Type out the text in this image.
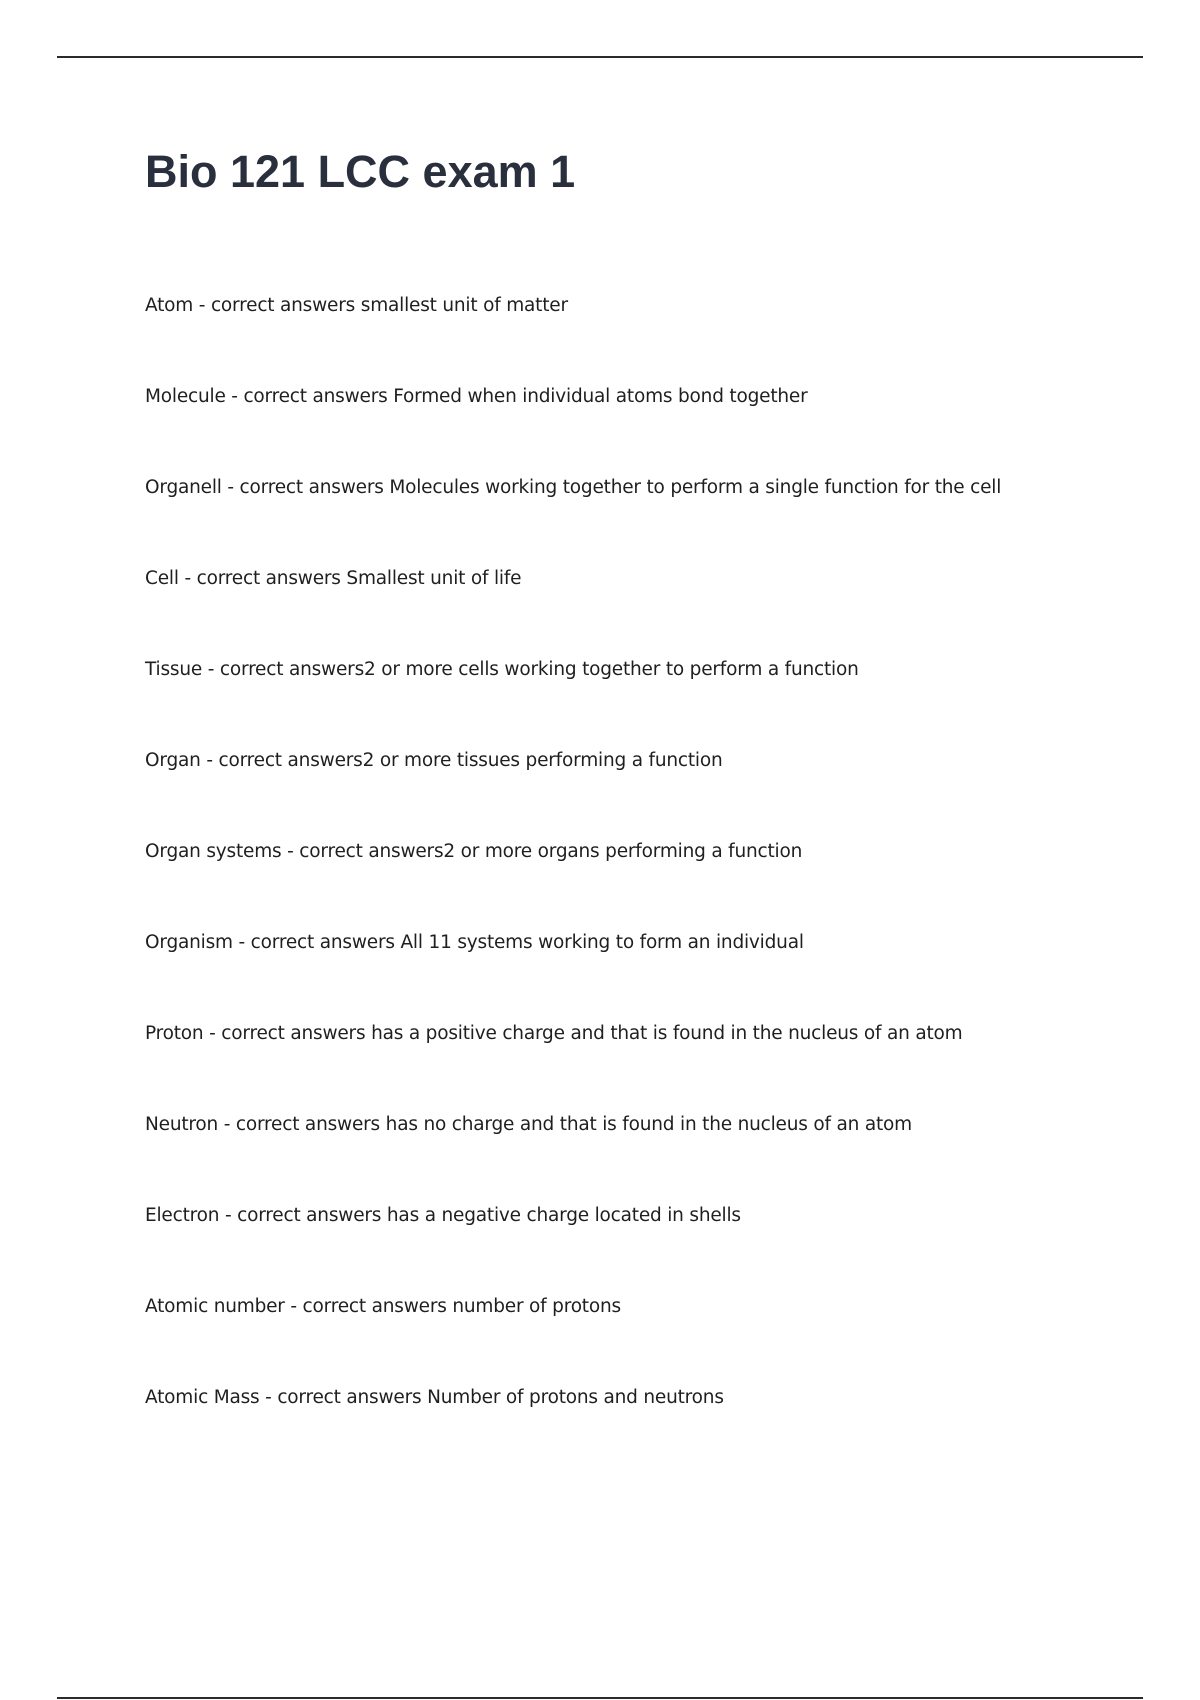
Bio 121 LCC exam 1
Atom - correct answers smallest unit of matter
Molecule - correct answers Formed when individual atoms bond together
Organell - correct answers Molecules working together to perform a single function for the cell
Cell - correct answers Smallest unit of life
Tissue - correct answers2 or more cells working together to perform a function
Organ - correct answers2 or more tissues performing a function
Organ systems - correct answers2 or more organs performing a function
Organism - correct answers All 11 systems working to form an individual
Proton - correct answers has a positive charge and that is found in the nucleus of an atom
Neutron - correct answers has no charge and that is found in the nucleus of an atom
Electron - correct answers has a negative charge located in shells
Atomic number - correct answers number of protons
Atomic Mass - correct answers Number of protons and neutrons
